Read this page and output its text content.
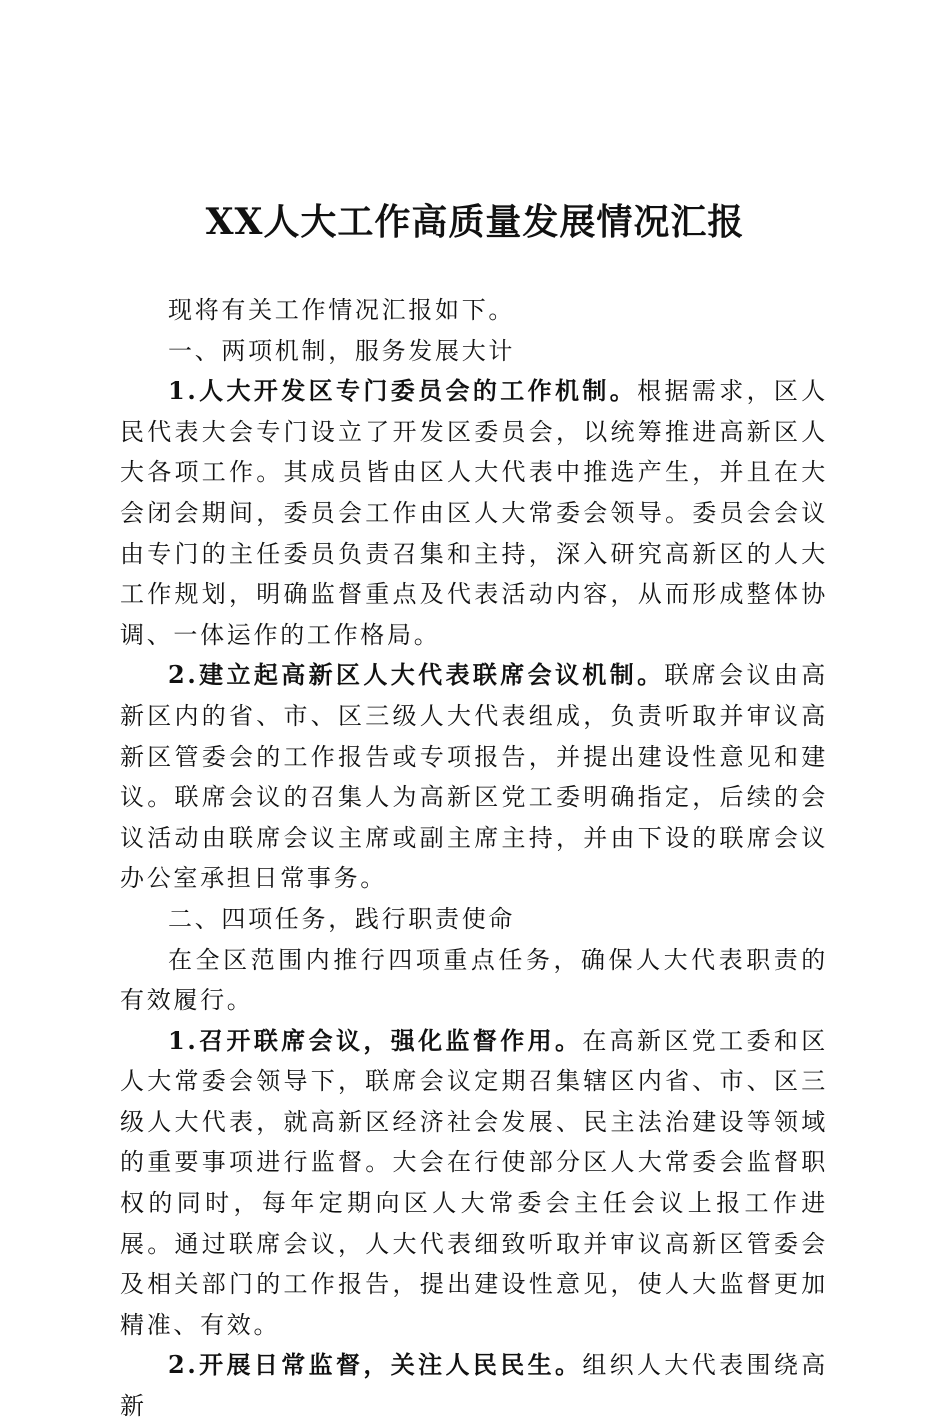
XX人大工作高质量发展情况汇报

现将有关工作情况汇报如下。

一、两项机制，服务发展大计

1.人大开发区专门委员会的工作机制。根据需求，区人民代表大会专门设立了开发区委员会，以统筹推进高新区人大各项工作。其成员皆由区人大代表中推选产生，并且在大会闭会期间，委员会工作由区人大常委会领导。委员会会议由专门的主任委员负责召集和主持，深入研究高新区的人大工作规划，明确监督重点及代表活动内容，从而形成整体协调、一体运作的工作格局。

2.建立起高新区人大代表联席会议机制。联席会议由高新区内的省、市、区三级人大代表组成，负责听取并审议高新区管委会的工作报告或专项报告，并提出建设性意见和建议。联席会议的召集人为高新区党工委明确指定，后续的会议活动由联席会议主席或副主席主持，并由下设的联席会议办公室承担日常事务。

二、四项任务，践行职责使命

在全区范围内推行四项重点任务，确保人大代表职责的有效履行。

1.召开联席会议，强化监督作用。在高新区党工委和区人大常委会领导下，联席会议定期召集辖区内省、市、区三级人大代表，就高新区经济社会发展、民主法治建设等领域的重要事项进行监督。大会在行使部分区人大常委会监督职权的同时，每年定期向区人大常委会主任会议上报工作进展。通过联席会议，人大代表细致听取并审议高新区管委会及相关部门的工作报告，提出建设性意见，使人大监督更加精准、有效。

2.开展日常监督，关注人民民生。组织人大代表围绕高新
